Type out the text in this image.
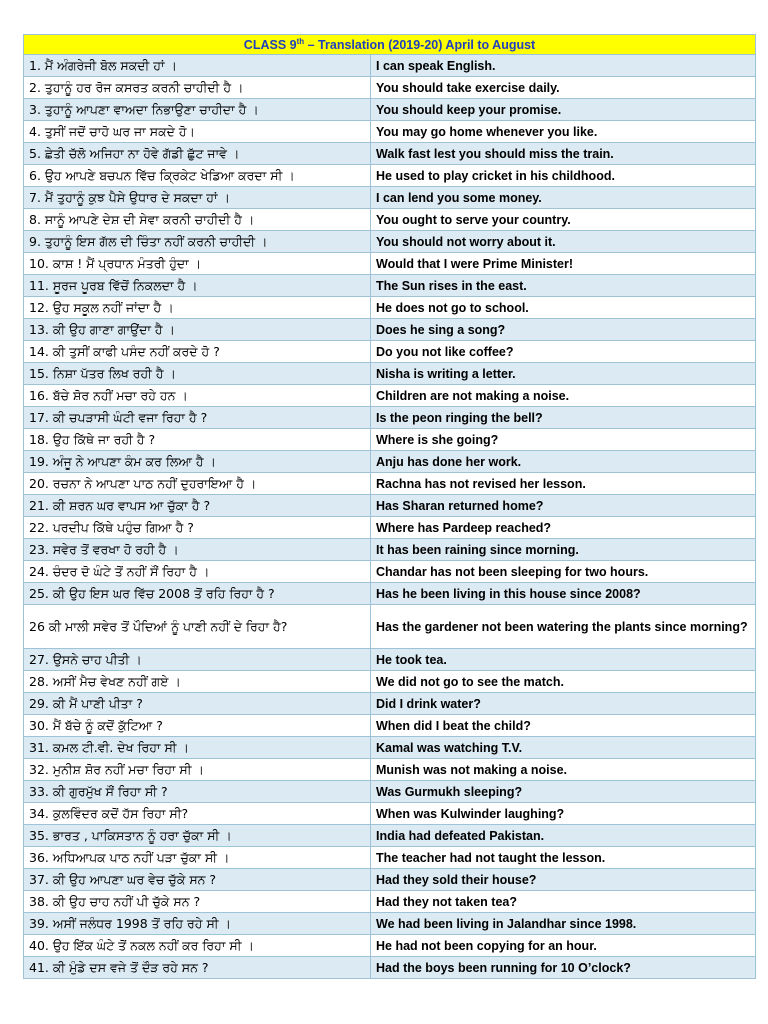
CLASS 9th – Translation (2019-20) April to August	
1. ਮੈਂ ਅੰਗਰੇਜੀ ਬੋਲ ਸਕਦੀ ਹਾਂ ।	I can speak English.
2. ਤੁਹਾਨੂੰ ਹਰ ਰੋਜ ਕਸਰਤ ਕਰਨੀ ਚਾਹੀਦੀ ਹੈ ।	You should take exercise daily.
3. ਤੁਹਾਨੂੰ ਆਪਣਾ ਵਾਅਦਾ ਨਿਭਾਉਣਾ ਚਾਹੀਦਾ ਹੈ ।	You should keep your promise.
4. ਤੁਸੀਂ ਜਦੋਂ ਚਾਹੋ ਘਰ ਜਾ ਸਕਦੇ ਹੋ।	You may go home whenever you like.
5. ਛੇਤੀ ਚੱਲੋ ਅਜਿਹਾ ਨਾ ਹੋਵੇ ਗੱਡੀ ਛੁੱਟ ਜਾਵੇ ।	Walk fast lest you should miss the train.
6. ਉਹ ਆਪਣੇ ਬਚਪਨ ਵਿੱਚ ਕ੍ਰਿਕੇਟ ਖੇਡਿਆ ਕਰਦਾ ਸੀ ।	He used to play cricket in his childhood.
7. ਮੈਂ ਤੁਹਾਨੂੰ ਕੁਝ ਪੈਸੇ ਉਧਾਰ ਦੇ ਸਕਦਾ ਹਾਂ ।	I can lend you some money.
8. ਸਾਨੂੰ ਆਪਣੇ ਦੇਸ਼ ਦੀ ਸੇਵਾ ਕਰਨੀ ਚਾਹੀਦੀ ਹੈ ।	You ought to serve your country.
9. ਤੁਹਾਨੂੰ ਇਸ ਗੱਲ ਦੀ ਚਿੰਤਾ ਨਹੀਂ ਕਰਨੀ ਚਾਹੀਦੀ ।	You should not worry about it.
10. ਕਾਸ਼ ! ਮੈਂ ਪ੍ਰਧਾਨ ਮੰਤਰੀ ਹੁੰਦਾ ।	Would that I were Prime Minister!
11. ਸੂਰਜ ਪੂਰਬ ਵਿੱਚੋਂ ਨਿਕਲਦਾ ਹੈ ।	The Sun rises in the east.
12. ਉਹ ਸਕੂਲ ਨਹੀਂ ਜਾਂਦਾ ਹੈ ।	He does not go to school.
13. ਕੀ ਉਹ ਗਾਣਾ ਗਾਉਂਦਾ ਹੈ ।	Does he sing a song?
14. ਕੀ ਤੁਸੀਂ ਕਾਫੀ ਪਸੰਦ ਨਹੀਂ ਕਰਦੇ ਹੋ ?	Do you not like coffee?
15. ਨਿਸ਼ਾ ਪੱਤਰ ਲਿਖ ਰਹੀ ਹੈ ।	Nisha is writing a letter.
16. ਬੱਚੇ ਸ਼ੋਰ ਨਹੀਂ ਮਚਾ ਰਹੇ ਹਨ ।	Children are not making a noise.
17. ਕੀ ਚਪੜਾਸੀ ਘੰਟੀ ਵਜਾ ਰਿਹਾ ਹੈ ?	Is the peon ringing the bell?
18. ਉਹ ਕਿੱਥੇ ਜਾ ਰਹੀ ਹੈ ?	Where is she going?
19. ਅੰਜੂ ਨੇ ਆਪਣਾ ਕੰਮ ਕਰ ਲਿਆ ਹੈ ।	Anju has done her work.
20. ਰਚਨਾ ਨੇ ਆਪਣਾ ਪਾਠ ਨਹੀਂ ਦੁਹਰਾਇਆ ਹੈ ।	Rachna has not revised her lesson.
21. ਕੀ ਸ਼ਰਨ ਘਰ ਵਾਪਸ ਆ ਚੁੱਕਾ ਹੈ ?	Has Sharan returned home?
22. ਪਰਦੀਪ ਕਿੱਥੇ ਪਹੁੰਚ ਗਿਆ ਹੈ ?	Where has Pardeep reached?
23. ਸਵੇਰ ਤੋਂ ਵਰਖਾ ਹੋ ਰਹੀ ਹੈ ।	It has been raining since morning.
24. ਚੰਦਰ ਦੋ ਘੰਟੇ ਤੋਂ ਨਹੀਂ ਸੌਂ ਰਿਹਾ ਹੈ ।	Chandar has not been sleeping for two hours.
25. ਕੀ ਉਹ ਇਸ ਘਰ ਵਿੱਚ 2008 ਤੋਂ ਰਹਿ ਰਿਹਾ ਹੈ ?	Has he been living in this house since 2008?
26 ਕੀ ਮਾਲੀ ਸਵੇਰ ਤੋਂ ਪੌਦਿਆਂ ਨੂੰ ਪਾਣੀ ਨਹੀਂ ਦੇ ਰਿਹਾ ਹੈ?	Has the gardener not been watering the plants since morning?
27. ਉਸਨੇ ਚਾਹ ਪੀਤੀ ।	He took tea.
28. ਅਸੀਂ ਮੈਚ ਵੇਖਣ ਨਹੀਂ ਗਏ ।	We did not go to see the match.
29. ਕੀ ਮੈਂ ਪਾਣੀ ਪੀਤਾ ?	Did I drink water?
30. ਮੈਂ ਬੱਚੇ ਨੂੰ ਕਦੋਂ ਕੁੱਟਿਆ ?	When did I beat the child?
31. ਕਮਲ ਟੀ.ਵੀ. ਦੇਖ ਰਿਹਾ ਸੀ ।	Kamal was watching T.V.
32. ਮੁਨੀਸ਼ ਸ਼ੋਰ ਨਹੀਂ ਮਚਾ ਰਿਹਾ ਸੀ ।	Munish was not making a noise.
33. ਕੀ ਗੁਰਮੁੱਖ ਸੌਂ ਰਿਹਾ ਸੀ ?	Was Gurmukh sleeping?
34. ਕੁਲਵਿੰਦਰ ਕਦੋਂ ਹੱਸ ਰਿਹਾ ਸੀ?	When was Kulwinder laughing?
35. ਭਾਰਤ , ਪਾਕਿਸਤਾਨ ਨੂੰ ਹਰਾ ਚੁੱਕਾ ਸੀ ।	India had defeated Pakistan.
36. ਅਧਿਆਪਕ ਪਾਠ ਨਹੀਂ ਪੜਾ ਚੁੱਕਾ ਸੀ ।	The teacher had not taught the lesson.
37. ਕੀ ਉਹ ਆਪਣਾ ਘਰ ਵੇਚ ਚੁੱਕੇ ਸਨ ?	Had they sold their house?
38. ਕੀ ਉਹ ਚਾਹ ਨਹੀਂ ਪੀ ਚੁੱਕੇ ਸਨ ?	Had they not taken tea?
39. ਅਸੀਂ ਜਲੰਧਰ 1998 ਤੋਂ ਰਹਿ ਰਹੇ ਸੀ ।	We had been living in Jalandhar since 1998.
40. ਉਹ ਇੱਕ ਘੰਟੇ ਤੋਂ ਨਕਲ ਨਹੀਂ ਕਰ ਰਿਹਾ ਸੀ ।	He had not been copying for an hour.
41. ਕੀ ਮੁੰਡੇ ਦਸ ਵਜੇ ਤੋਂ ਦੌੜ ਰਹੇ ਸਨ ?	Had the boys been running for 10 O’clock?
